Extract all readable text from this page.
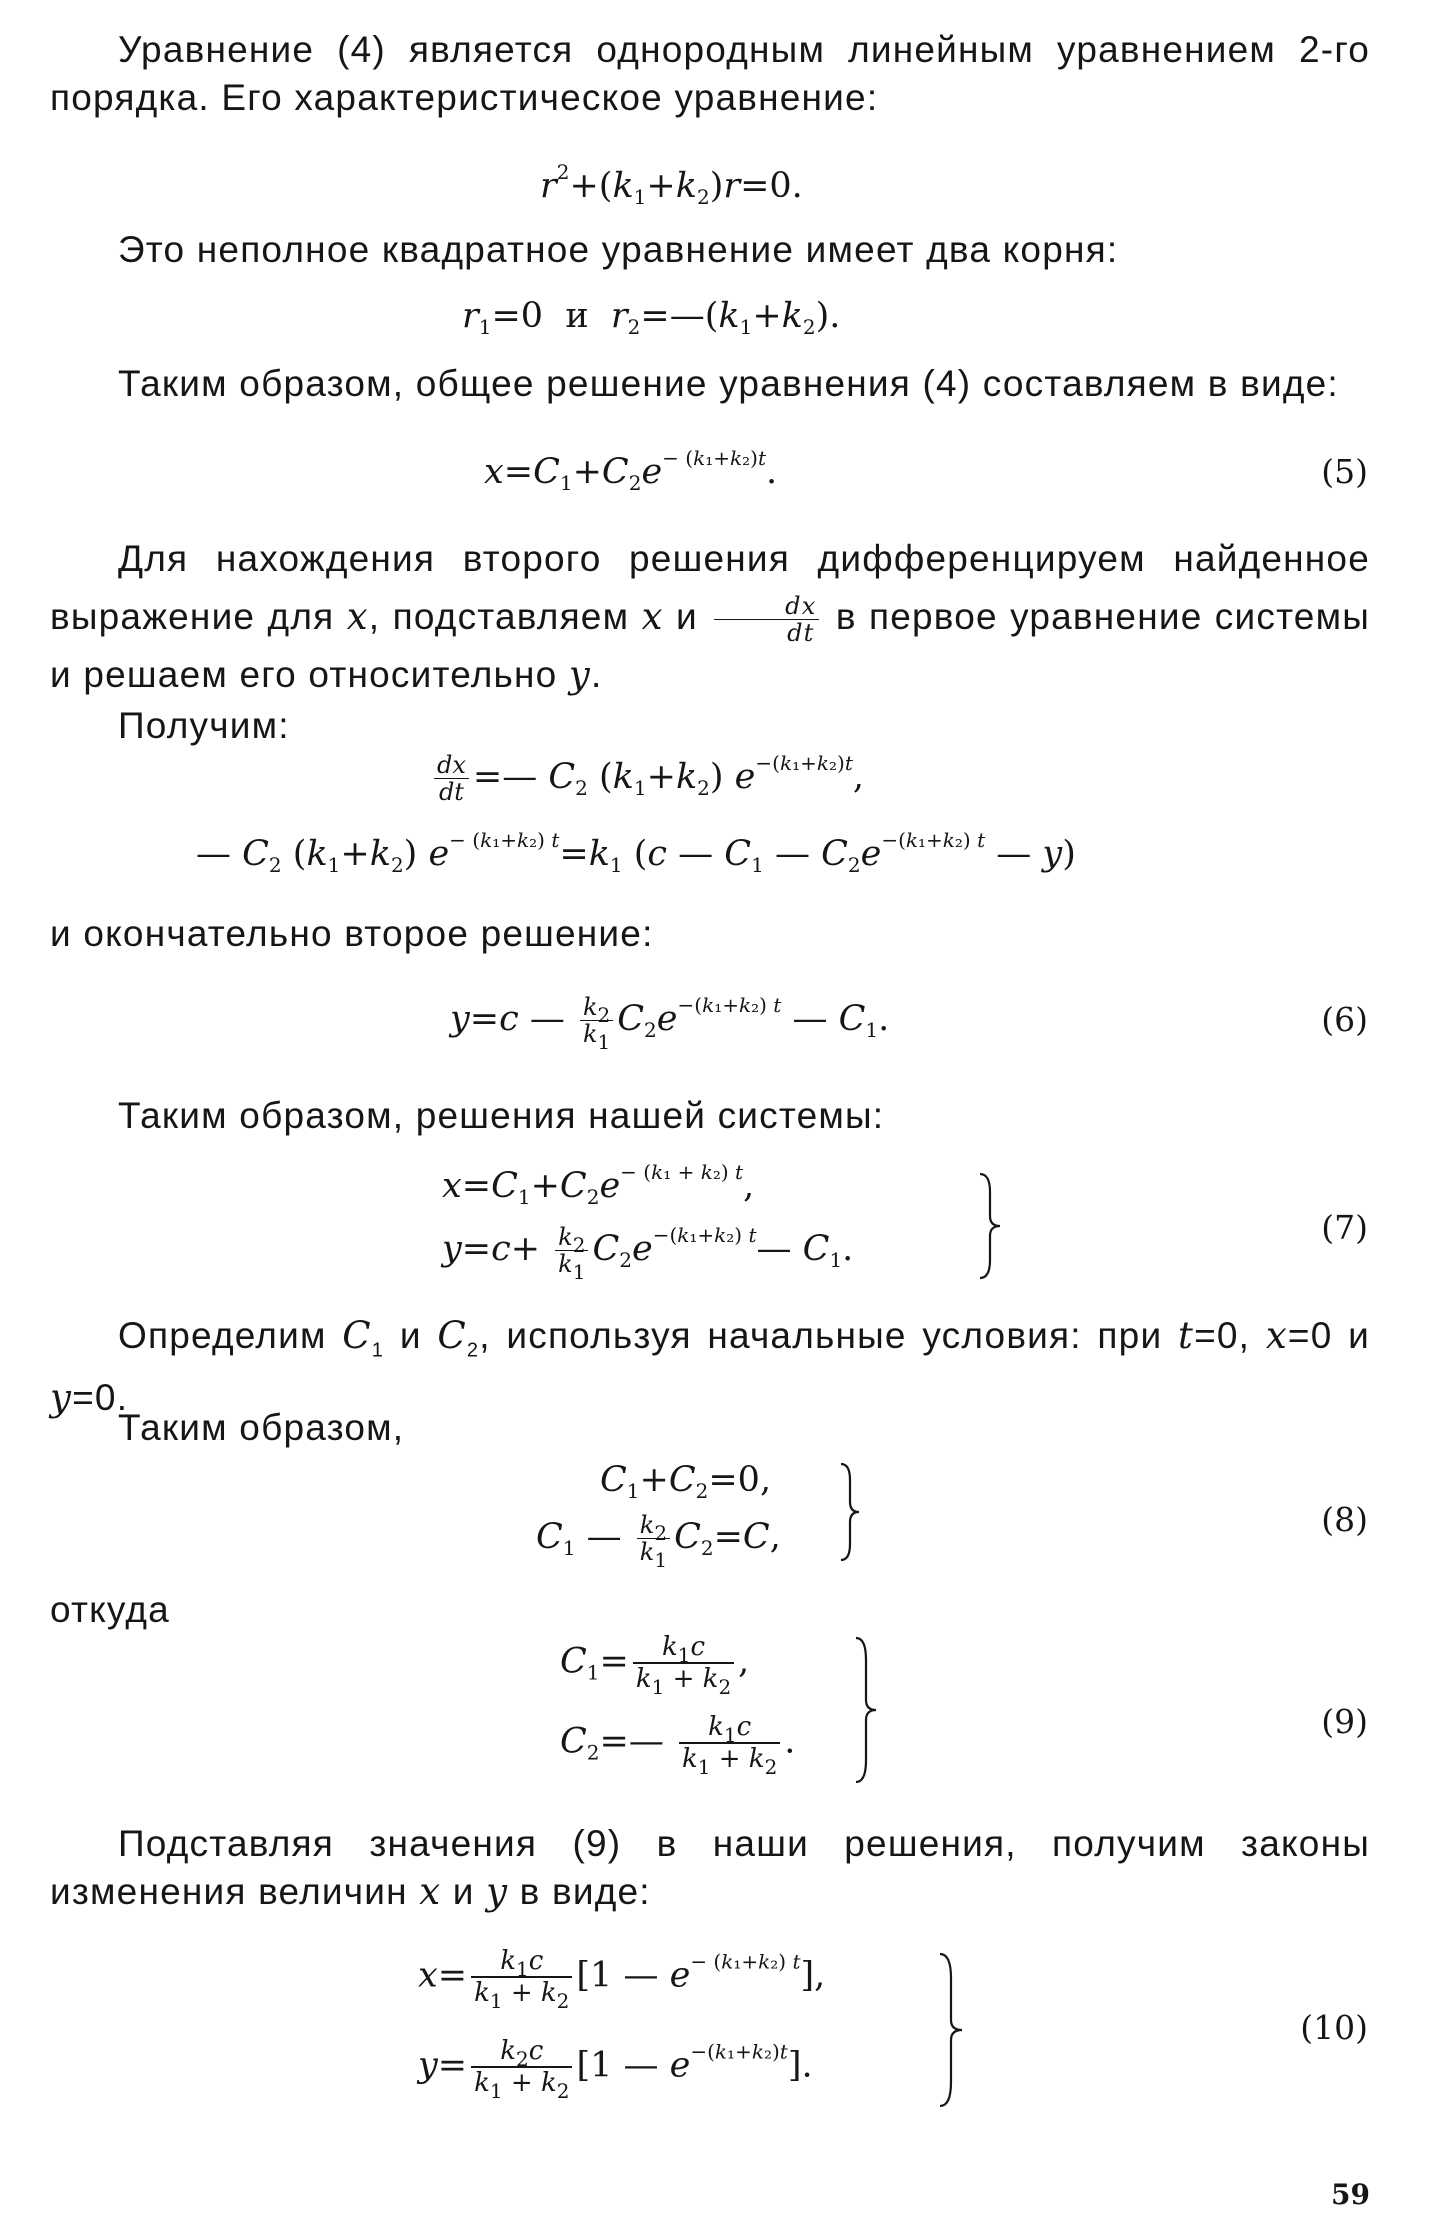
Уравнение (4) является однородным линейным уравнением 2-го порядка. Его характеристическое уравнение:

$r^2+(k_1+k_2)r=0$.

Это неполное квадратное уравнение имеет два корня:

$r_1=0$  и  $r_2=—(k_1+k_2)$.

Таким образом, общее решение уравнения (4) составляем в виде:

$x=C_1+C_2e^{- (k_1+k_2)t}$.	(5)

Для нахождения второго решения дифференцируем найденное выражение для x, подставляем x и $\frac{dx}{dt}$ в первое уравнение системы и решаем его относительно y.

Получим:

$\frac{dx}{dt}$ =— $C_2$ $(k_1+k_2)$ $e^{-(k_1+k_2)t}$,
— $C_2$ $(k_1+k_2)$ $e^{- (k_1+k_2) t}=k_1$ (c — $C_1$ — $C_2e^{-(k_1+k_2) t}$ — y)

и окончательно второе решение:

y=c — $\frac{k_2}{k_1} C_2e^{-(k_1+k_2) t}$ — $C_1$.	(6)

Таким образом, решения нашей системы:

$x=C_1+C_2e^{- (k_1 + k_2) t}$,
$y=c+ \frac{k_2}{k_1}$ $C_2e^{-(k_1+k_2) t}—$ $C_1$.
(7)

Определим $C_1$ и $C_2$, используя начальные условия: при t=0, x=0 и y=0.

Таким образом,

$C_1+C_2=0$,
$C_1$ — $\frac{k_2}{k_1} C_2=C$,	(8)

откуда

$C_1= \frac{k_1c}{k_1 + k_2}$ ,
$C_2=— \frac{k_1c}{k_1 + k_2}$ .	(9)

Подставляя значения (9) в наши решения, получим законы изменения величин x и y в виде:

$x= \frac{k_1c}{k_1 + k_2} [1$ — $e^{- (k_1+k_2) t}$],
$y= \frac{k_2c}{k_1 + k_2} [1$ — $e^{-(k_1+k_2)t}$].
(10)
59
